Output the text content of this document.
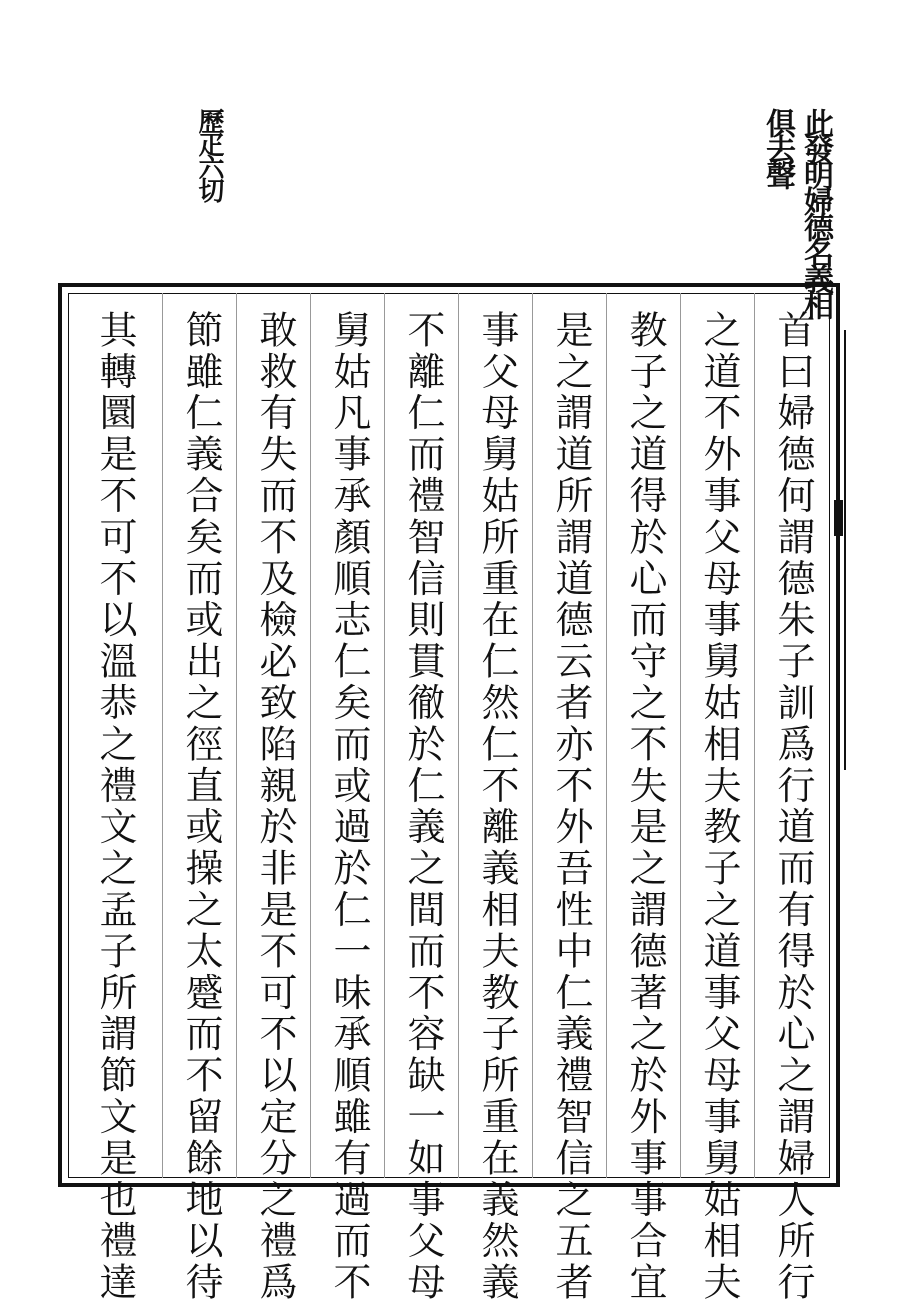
此發明婦德名義相
俱去聲
歷疋六切
首曰婦德何謂德朱子訓爲行道而有得於心之謂婦人所行
之道不外事父母事舅姑相夫教子之道事父母事舅姑相夫
教子之道得於心而守之不失是之謂德著之於外事事合宜
是之謂道所謂道德云者亦不外吾性中仁義禮智信之五者
事父母舅姑所重在仁然仁不離義相夫教子所重在義然義
不離仁而禮智信則貫徹於仁義之間而不容缺一如事父母
舅姑凡事承顏順志仁矣而或過於仁一味承順雖有過而不
敢救有失而不及檢必致陷親於非是不可不以定分之禮爲
節雖仁義合矣而或出之徑直或操之太蹙而不留餘地以待
其轉圜是不可不以溫恭之禮文之孟子所謂節文是也禮達
